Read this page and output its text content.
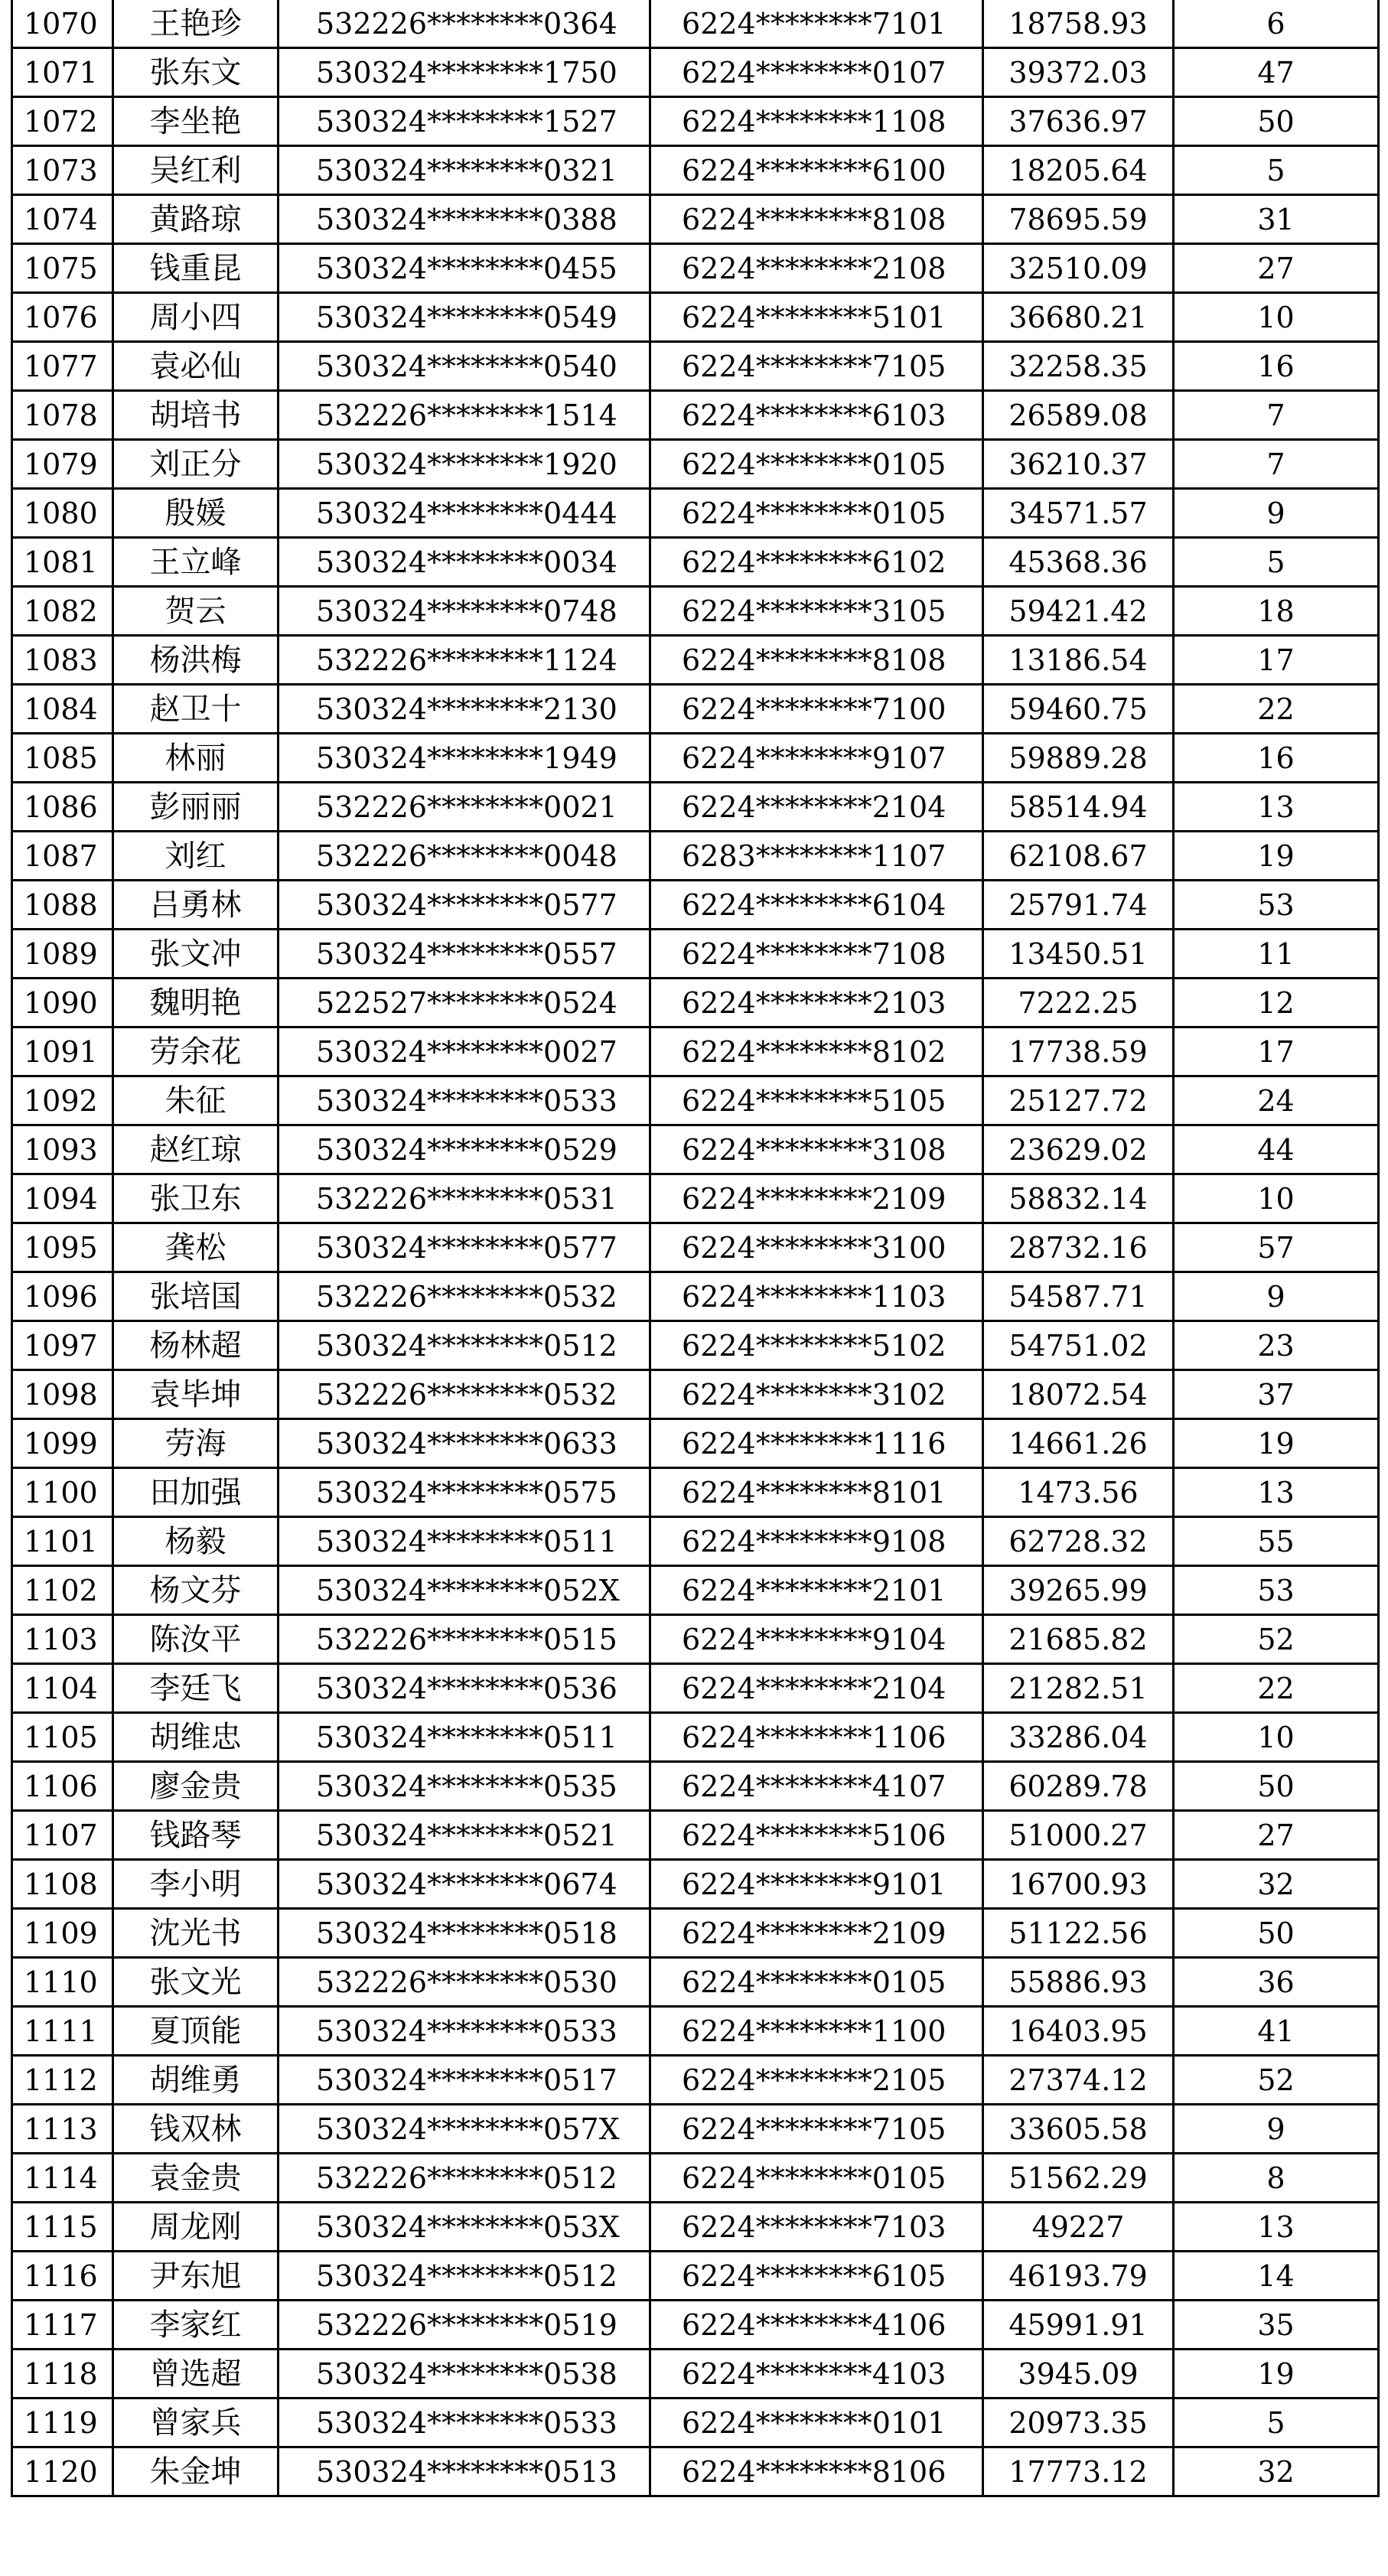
1070	王艳珍	532226********0364	6224********7101	18758.93	6
1071	张东文	530324********1750	6224********0107	39372.03	47
1072	李坐艳	530324********1527	6224********1108	37636.97	50
1073	吴红利	530324********0321	6224********6100	18205.64	5
1074	黄路琼	530324********0388	6224********8108	78695.59	31
1075	钱重昆	530324********0455	6224********2108	32510.09	27
1076	周小四	530324********0549	6224********5101	36680.21	10
1077	袁必仙	530324********0540	6224********7105	32258.35	16
1078	胡培书	532226********1514	6224********6103	26589.08	7
1079	刘正分	530324********1920	6224********0105	36210.37	7
1080	殷媛	530324********0444	6224********0105	34571.57	9
1081	王立峰	530324********0034	6224********6102	45368.36	5
1082	贺云	530324********0748	6224********3105	59421.42	18
1083	杨洪梅	532226********1124	6224********8108	13186.54	17
1084	赵卫十	530324********2130	6224********7100	59460.75	22
1085	林丽	530324********1949	6224********9107	59889.28	16
1086	彭丽丽	532226********0021	6224********2104	58514.94	13
1087	刘红	532226********0048	6283********1107	62108.67	19
1088	吕勇林	530324********0577	6224********6104	25791.74	53
1089	张文冲	530324********0557	6224********7108	13450.51	11
1090	魏明艳	522527********0524	6224********2103	7222.25	12
1091	劳余花	530324********0027	6224********8102	17738.59	17
1092	朱征	530324********0533	6224********5105	25127.72	24
1093	赵红琼	530324********0529	6224********3108	23629.02	44
1094	张卫东	532226********0531	6224********2109	58832.14	10
1095	龚松	530324********0577	6224********3100	28732.16	57
1096	张培国	532226********0532	6224********1103	54587.71	9
1097	杨林超	530324********0512	6224********5102	54751.02	23
1098	袁毕坤	532226********0532	6224********3102	18072.54	37
1099	劳海	530324********0633	6224********1116	14661.26	19
1100	田加强	530324********0575	6224********8101	1473.56	13
1101	杨毅	530324********0511	6224********9108	62728.32	55
1102	杨文芬	530324********052X	6224********2101	39265.99	53
1103	陈汝平	532226********0515	6224********9104	21685.82	52
1104	李廷飞	530324********0536	6224********2104	21282.51	22
1105	胡维忠	530324********0511	6224********1106	33286.04	10
1106	廖金贵	530324********0535	6224********4107	60289.78	50
1107	钱路琴	530324********0521	6224********5106	51000.27	27
1108	李小明	530324********0674	6224********9101	16700.93	32
1109	沈光书	530324********0518	6224********2109	51122.56	50
1110	张文光	532226********0530	6224********0105	55886.93	36
1111	夏顶能	530324********0533	6224********1100	16403.95	41
1112	胡维勇	530324********0517	6224********2105	27374.12	52
1113	钱双林	530324********057X	6224********7105	33605.58	9
1114	袁金贵	532226********0512	6224********0105	51562.29	8
1115	周龙刚	530324********053X	6224********7103	49227	13
1116	尹东旭	530324********0512	6224********6105	46193.79	14
1117	李家红	532226********0519	6224********4106	45991.91	35
1118	曾选超	530324********0538	6224********4103	3945.09	19
1119	曾家兵	530324********0533	6224********0101	20973.35	5
1120	朱金坤	530324********0513	6224********8106	17773.12	32
